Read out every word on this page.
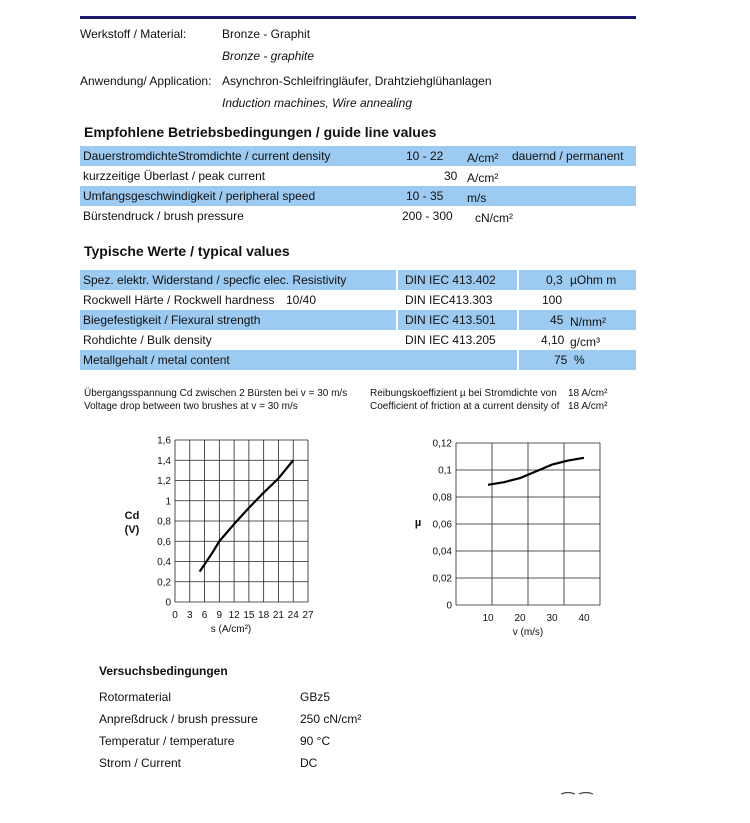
Werkstoff / Material:	Bronze - Graphit
Bronze - graphite
Anwendung/ Application: Asynchron-Schleifringläufer, Drahtziehglühanlagen
Induction machines, Wire annealing
Empfohlene Betriebsbedingungen / guide line values
DauerstromdichteStromdichte / current density	10 - 22 A/cm² dauernd / permanent
kurzzeitige Überlast / peak current	30 A/cm²
Umfangsgeschwindigkeit / peripheral speed	10 - 35 m/s
Bürstendruck / brush pressure	200 - 300 cN/cm²
Typische Werte / typical values
Spez. elektr. Widerstand / specfic elec. Resistivity	DIN IEC 413.402	0,3 µOhm m
Rockwell Härte / Rockwell hardness 10/40	DIN IEC413.303	100
Biegefestigkeit / Flexural strength	DIN IEC 413.501	45 N/mm²
Rohdichte / Bulk density	DIN IEC 413.205	4,10 g/cm³
Metallgehalt / metal content	75 %
Übergangsspannung Cd zwischen 2 Bürsten bei v = 30 m/s
Voltage drop between two brushes at v = 30 m/s
Reibungskoeffizient µ bei Stromdichte von 18 A/cm²
Coefficient of friction at a current density of 18 A/cm²
0
0,2
0,4
0,6
0,8
1
1,2
1,4
1,6
0 3 6 9 12 15 18 21 24 27
s (A/cm²)
Cd
(V)
0
0,02
0,04
0,06
0,08
0,1
0,12
10 20 30 40
v (m/s)
µ
Versuchsbedingungen
Rotormaterial	GBz5
Anpreßdruck / brush pressure	250 cN/cm²
Temperatur / temperature	90 °C
Strom / Current	DC
